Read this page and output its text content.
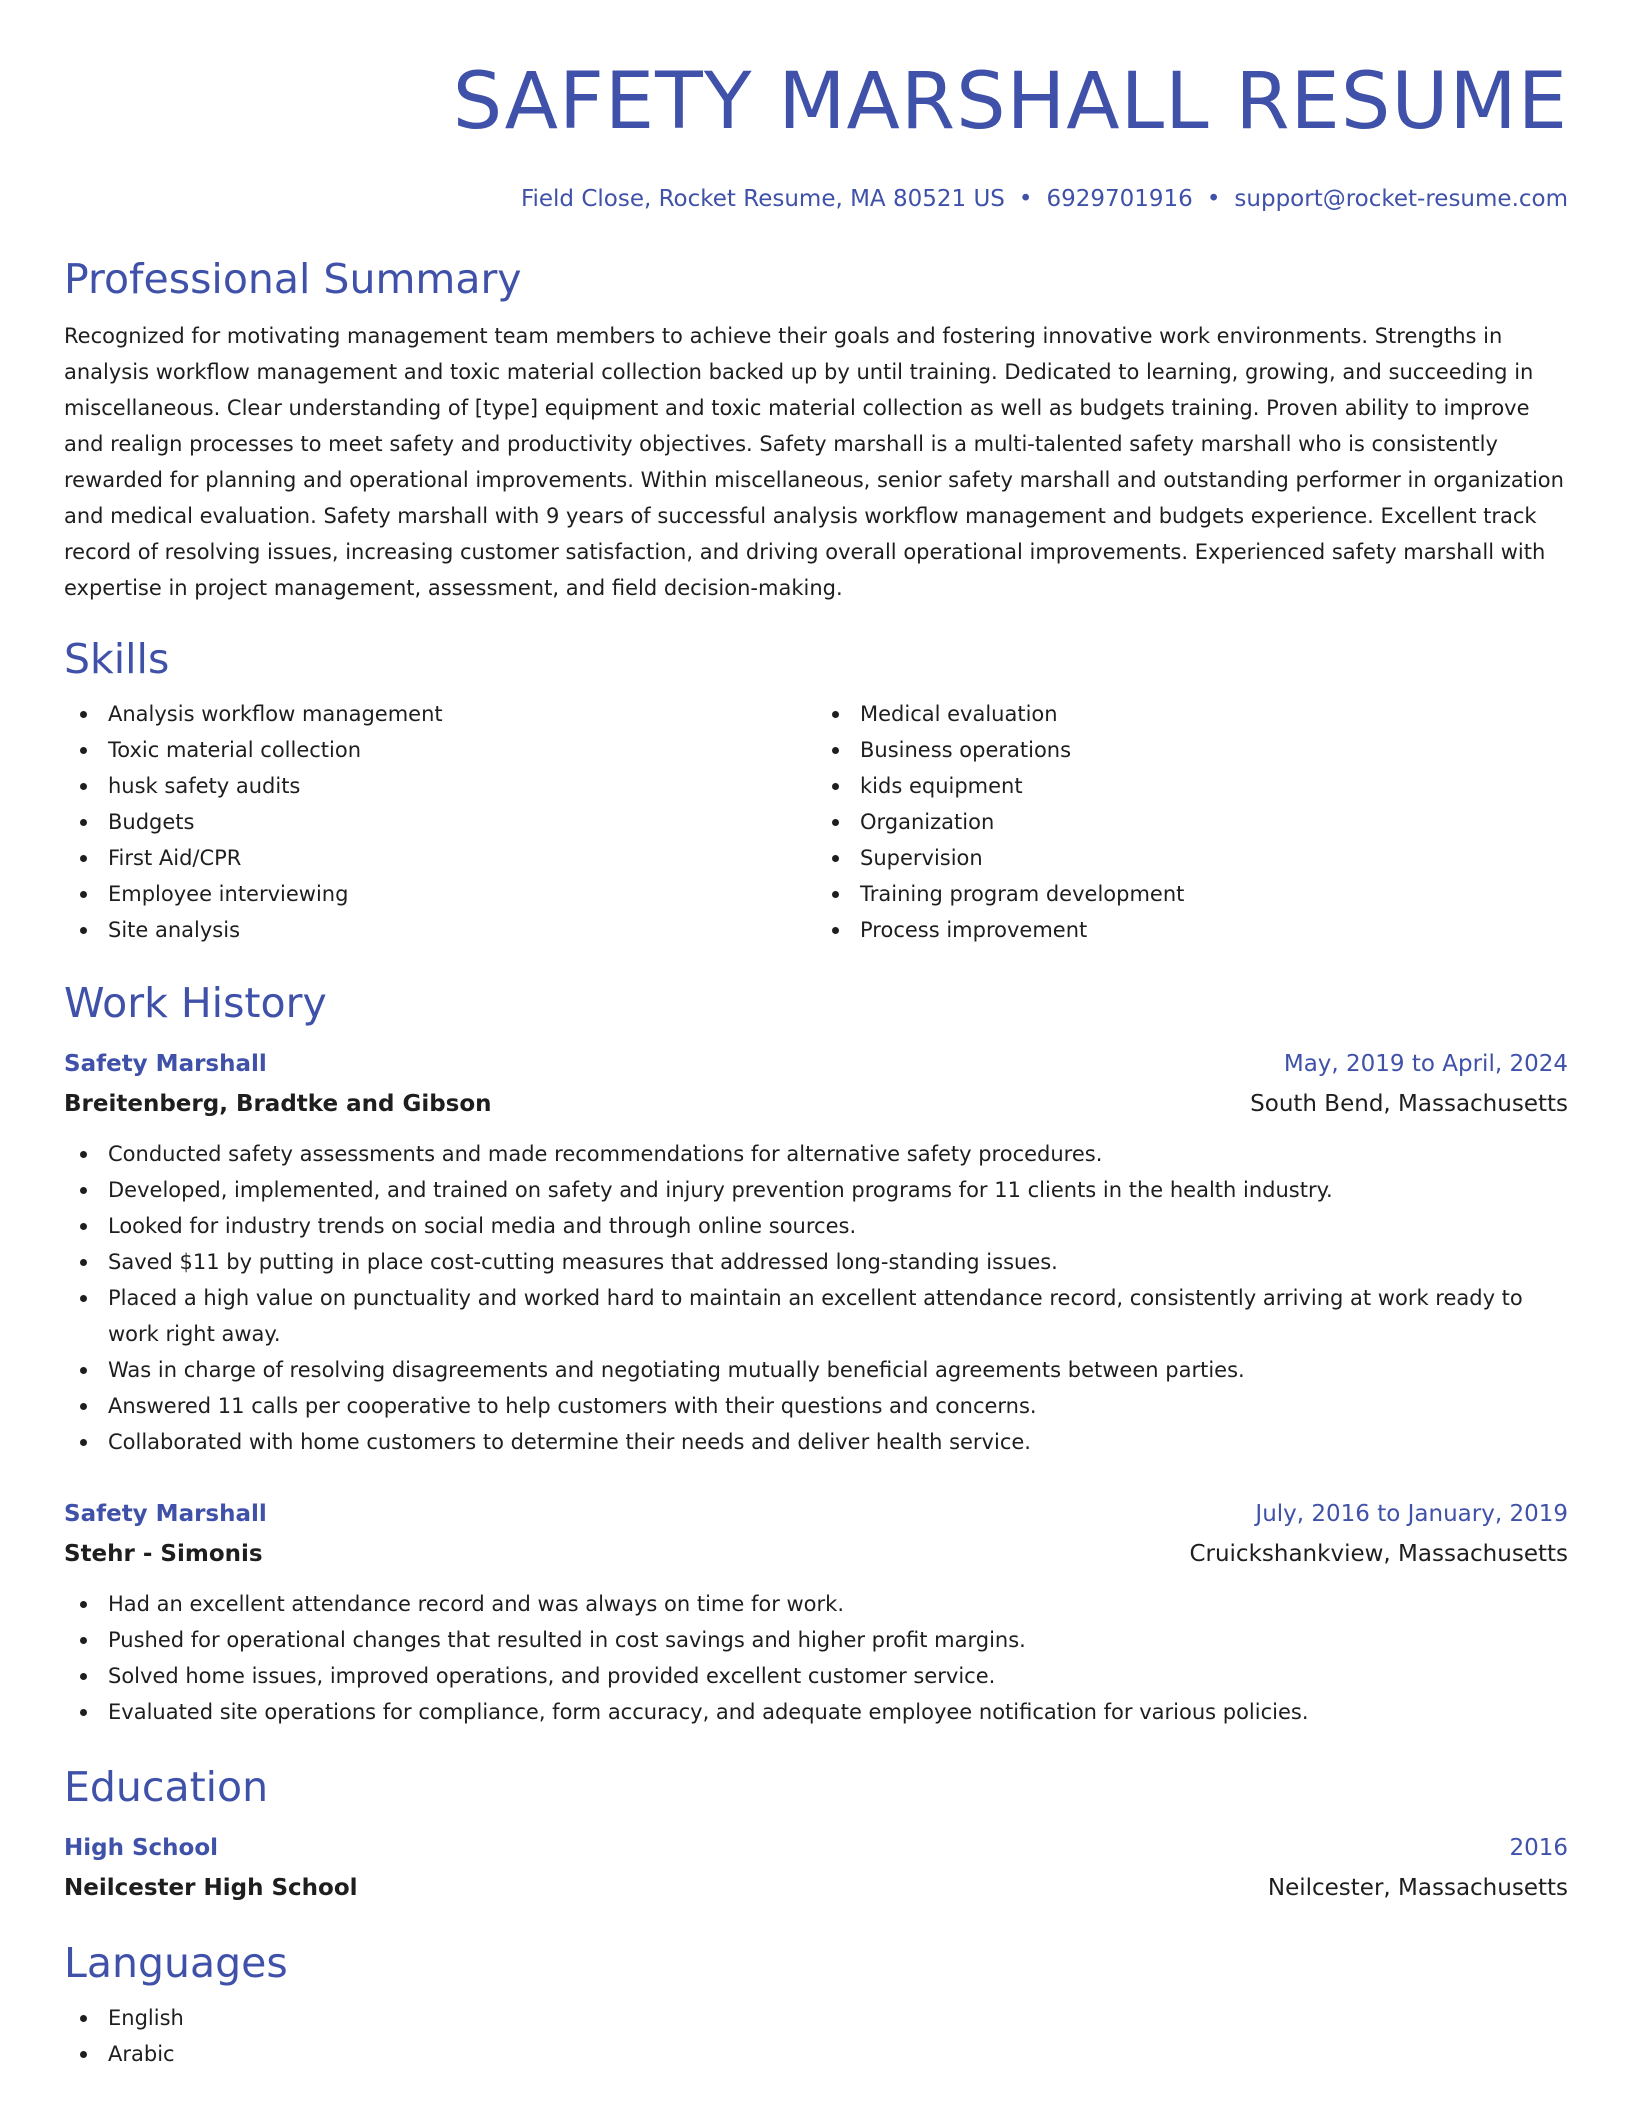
SAFETY MARSHALL RESUME
Field Close, Rocket Resume, MA 80521 US • 6929701916 • support@rocket-resume.com
Professional Summary

Recognized for motivating management team members to achieve their goals and fostering innovative work environments. Strengths in analysis workflow management and toxic material collection backed up by until training. Dedicated to learning, growing, and succeeding in miscellaneous. Clear understanding of [type] equipment and toxic material collection as well as budgets training. Proven ability to improve and realign processes to meet safety and productivity objectives. Safety marshall is a multi-talented safety marshall who is consistently rewarded for planning and operational improvements. Within miscellaneous, senior safety marshall and outstanding performer in organization and medical evaluation. Safety marshall with 9 years of successful analysis workflow management and budgets experience. Excellent track record of resolving issues, increasing customer satisfaction, and driving overall operational improvements. Experienced safety marshall with expertise in project management, assessment, and field decision-making.

Skills
Analysis workflow management
Toxic material collection
husk safety audits
Budgets
First Aid/CPR
Employee interviewing
Site analysis
Medical evaluation
Business operations
kids equipment
Organization
Supervision
Training program development
Process improvement
Work History
Safety Marshall	May, 2019 to April, 2024
Breitenberg, Bradtke and Gibson	South Bend, Massachusetts
Conducted safety assessments and made recommendations for alternative safety procedures.
Developed, implemented, and trained on safety and injury prevention programs for 11 clients in the health industry.
Looked for industry trends on social media and through online sources.
Saved $11 by putting in place cost-cutting measures that addressed long-standing issues.
Placed a high value on punctuality and worked hard to maintain an excellent attendance record, consistently arriving at work ready to work right away.
Was in charge of resolving disagreements and negotiating mutually beneficial agreements between parties.
Answered 11 calls per cooperative to help customers with their questions and concerns.
Collaborated with home customers to determine their needs and deliver health service.
Safety Marshall	July, 2016 to January, 2019
Stehr - Simonis	Cruickshankview, Massachusetts
Had an excellent attendance record and was always on time for work.
Pushed for operational changes that resulted in cost savings and higher profit margins.
Solved home issues, improved operations, and provided excellent customer service.
Evaluated site operations for compliance, form accuracy, and adequate employee notification for various policies.
Education
High School	2016
Neilcester High School	Neilcester, Massachusetts
Languages
English
Arabic
